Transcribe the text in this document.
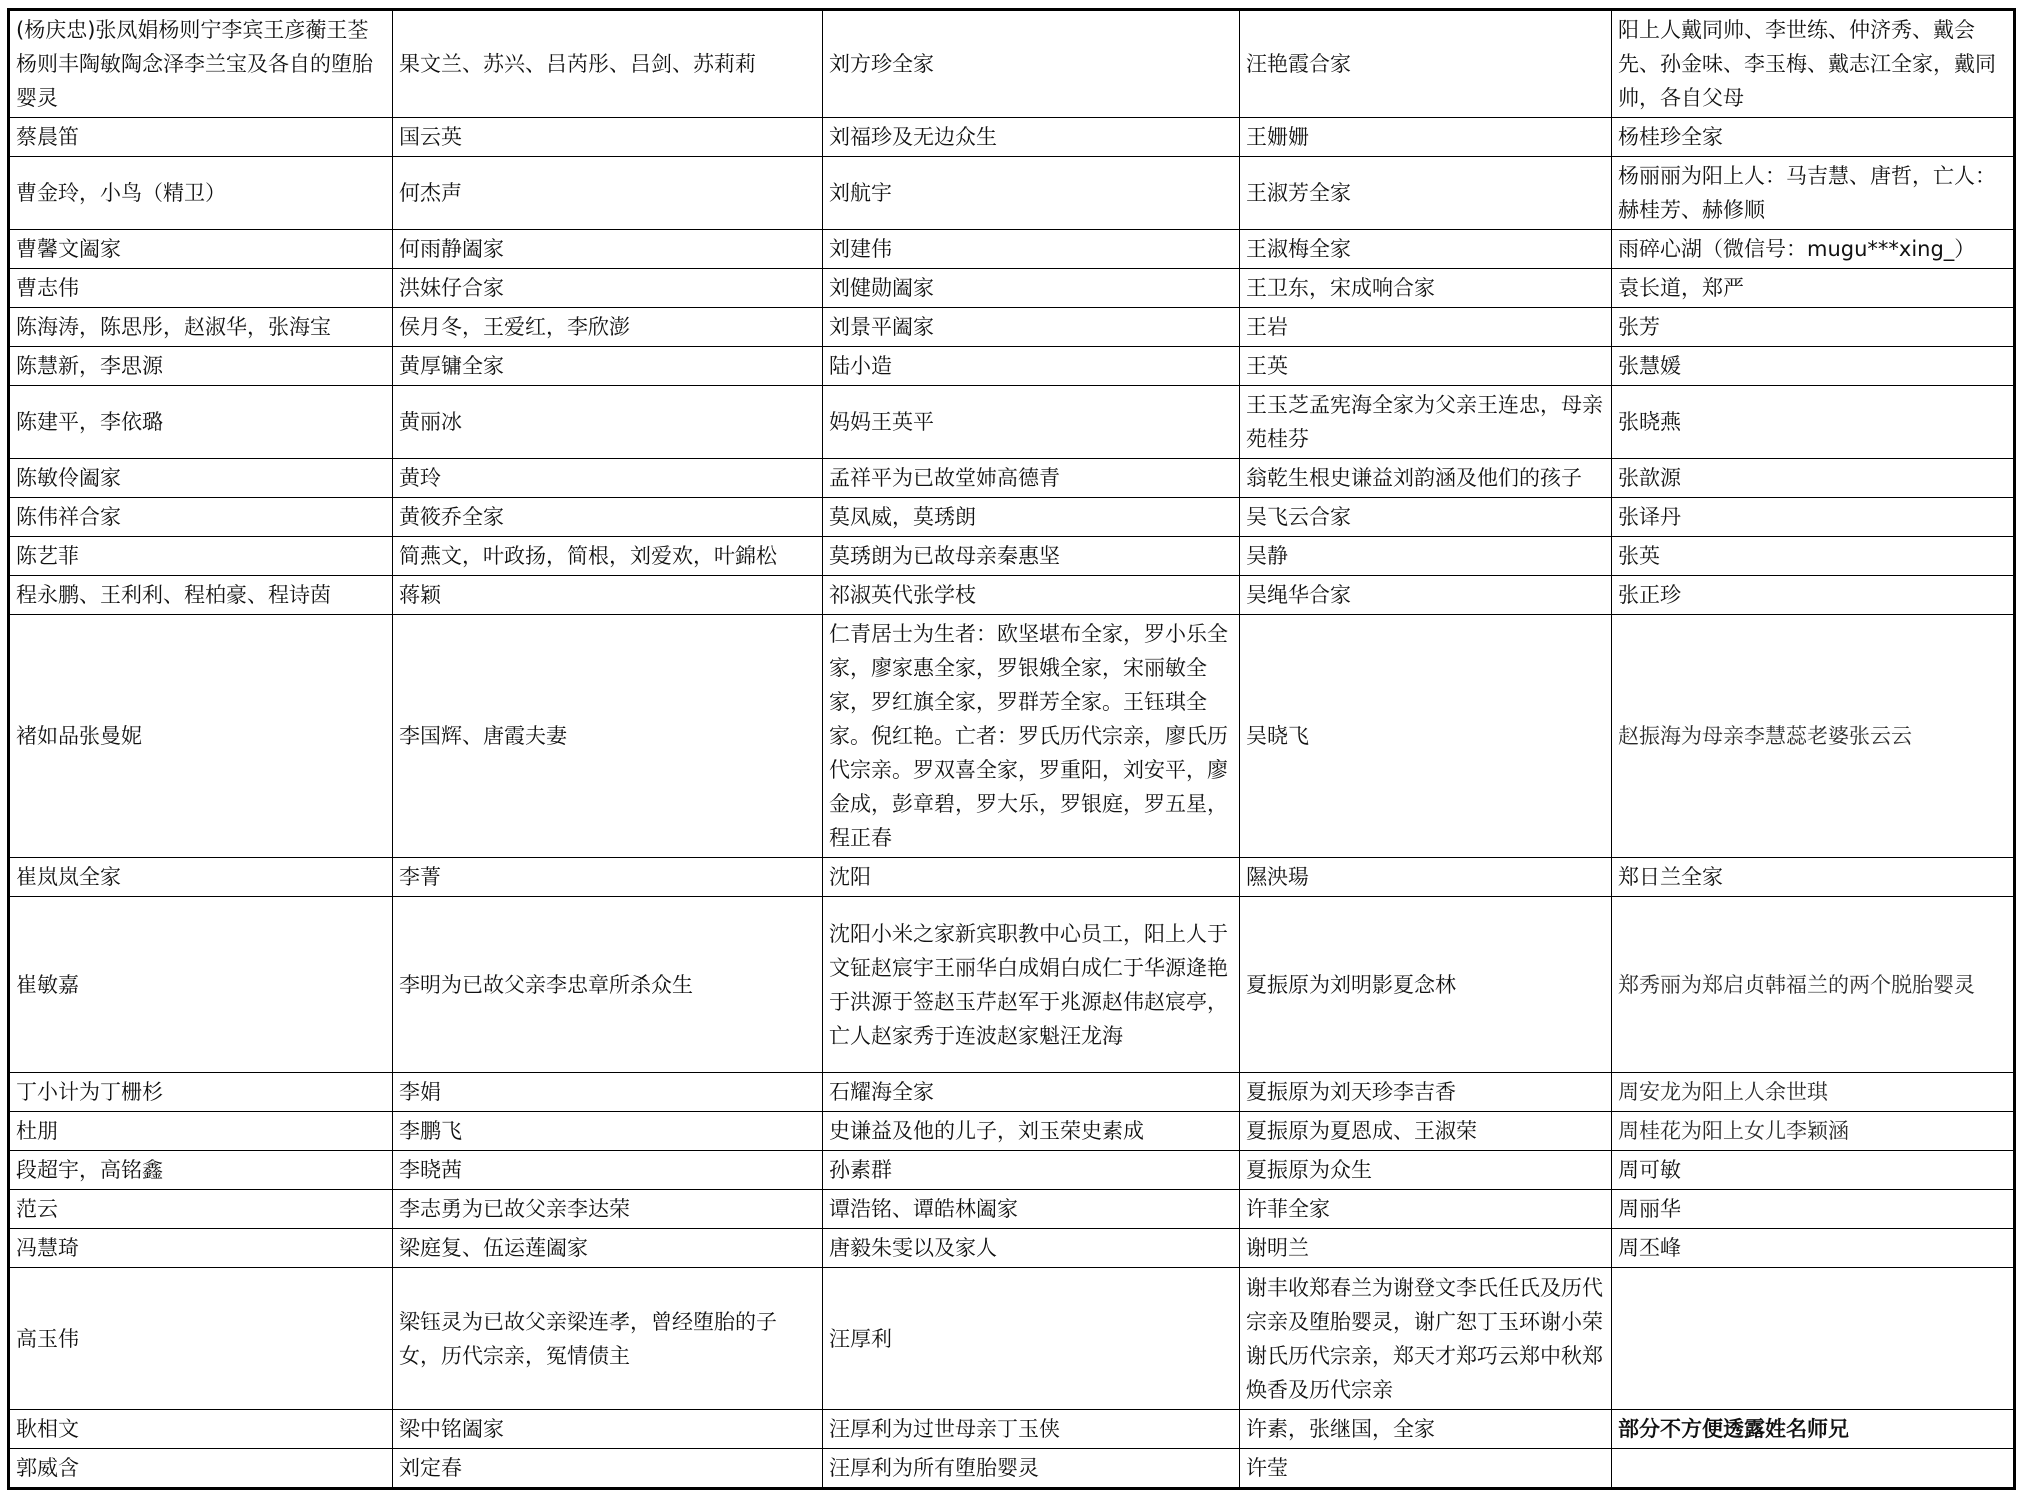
(杨庆忠)张凤娟杨则宁李宾王彦蘅王荃杨则丰陶敏陶念泽李兰宝及各自的堕胎婴灵	果文兰、苏兴、吕芮彤、吕剑、苏莉莉	刘方珍全家	汪艳霞合家	阳上人戴同帅、李世练、仲济秀、戴会先、孙金味、李玉梅、戴志江全家，戴同帅，各自父母
蔡晨笛	国云英	刘福珍及无边众生	王姗姗	杨桂珍全家
曹金玲，小鸟（精卫）	何杰声	刘航宇	王淑芳全家	杨丽丽为阳上人：马吉慧、唐哲，亡人：赫桂芳、赫修顺
曹馨文阖家	何雨静阖家	刘建伟	王淑梅全家	雨碎心湖（微信号：mugu***xing_）
曹志伟	洪妹仔合家	刘健勋阖家	王卫东，宋成响合家	袁长道，郑严
陈海涛，陈思彤，赵淑华，张海宝	侯月冬，王爱红，李欣澎	刘景平阖家	王岩	张芳
陈慧新，李思源	黄厚镛全家	陆小造	王英	张慧媛
陈建平，李依璐	黄丽冰	妈妈王英平	王玉芝孟宪海全家为父亲王连忠，母亲苑桂芬	张晓燕
陈敏伶阖家	黄玲	孟祥平为已故堂姉高德青	翁乾生根史谦益刘韵涵及他们的孩子	张歆源
陈伟祥合家	黄筱乔全家	莫凤威，莫琇朗	吴飞云合家	张译丹
陈艺菲	简燕文，叶政扬，简根，刘爱欢，叶錦松	莫琇朗为已故母亲秦惠坚	吴静	张英
程永鹏、王利利、程柏豪、程诗茵	蒋颖	祁淑英代张学枝	吴绳华合家	张正珍
褚如品张曼妮	李国辉、唐霞夫妻	仁青居士为生者：欧坚堪布全家，罗小乐全家，廖家惠全家，罗银娥全家，宋丽敏全家，罗红旗全家，罗群芳全家。王钰琪全家。倪红艳。亡者：罗氏历代宗亲，廖氏历代宗亲。罗双喜全家，罗重阳，刘安平，廖金成，彭章碧，罗大乐，罗银庭，罗五星，程正春	吴晓飞	赵振海为母亲李慧蕊老婆张云云
崔岚岚全家	李菁	沈阳	隰泱瑒	郑日兰全家
崔敏嘉	李明为已故父亲李忠章所杀众生	沈阳小米之家新宾职教中心员工，阳上人于文钲赵宸宇王丽华白成娟白成仁于华源逄艳于洪源于签赵玉芹赵军于兆源赵伟赵宸亭，亡人赵家秀于连波赵家魁汪龙海	夏振原为刘明影夏念林	郑秀丽为郑启贞韩福兰的两个脱胎婴灵
丁小计为丁栅杉	李娟	石耀海全家	夏振原为刘天珍李吉香	周安龙为阳上人余世琪
杜朋	李鹏飞	史谦益及他的儿子，刘玉荣史素成	夏振原为夏恩成、王淑荣	周桂花为阳上女儿李颖涵
段超宇，高铭鑫	李晓茜	孙素群	夏振原为众生	周可敏
范云	李志勇为已故父亲李达荣	谭浩铭、谭皓林阖家	许菲全家	周丽华
冯慧琦	梁庭复、伍运莲阖家	唐毅朱雯以及家人	谢明兰	周丕峰
高玉伟	梁钰灵为已故父亲梁连孝，曾经堕胎的子女，历代宗亲，冤情债主	汪厚利	谢丰收郑春兰为谢登文李氏任氏及历代宗亲及堕胎婴灵，谢广恕丁玉环谢小荣谢氏历代宗亲，郑天才郑巧云郑中秋郑焕香及历代宗亲	
耿相文	梁中铭阖家	汪厚利为过世母亲丁玉侠	许素，张继国，全家	部分不方便透露姓名师兄
郭威含	刘定春	汪厚利为所有堕胎婴灵	许莹	
